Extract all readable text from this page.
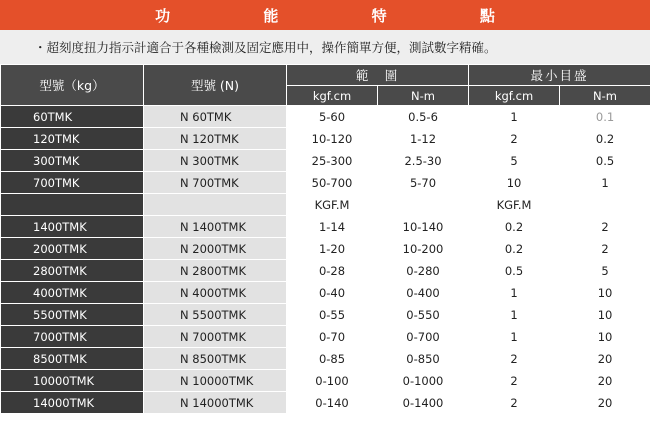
功 能 特 點
・超刻度扭力指示計適合于各種檢測及固定應用中，操作簡單方便，測試數字精確。
型號（kg）	型號 (N)	範　圍		最小目盛	
		kgf.cm	N-m	kgf.cm	N-m
60TMK	N 60TMK	5-60	0.5-6	1	0.1
120TMK	N 120TMK	10-120	1-12	2	0.2
300TMK	N 300TMK	25-300	2.5-30	5	0.5
700TMK	N 700TMK	50-700	5-70	10	1
		KGF.M		KGF.M	
1400TMK	N 1400TMK	1-14	10-140	0.2	2
2000TMK	N 2000TMK	1-20	10-200	0.2	2
2800TMK	N 2800TMK	0-28	0-280	0.5	5
4000TMK	N 4000TMK	0-40	0-400	1	10
5500TMK	N 5500TMK	0-55	0-550	1	10
7000TMK	N 7000TMK	0-70	0-700	1	10
8500TMK	N 8500TMK	0-85	0-850	2	20
10000TMK	N 10000TMK	0-100	0-1000	2	20
14000TMK	N 14000TMK	0-140	0-1400	2	20
